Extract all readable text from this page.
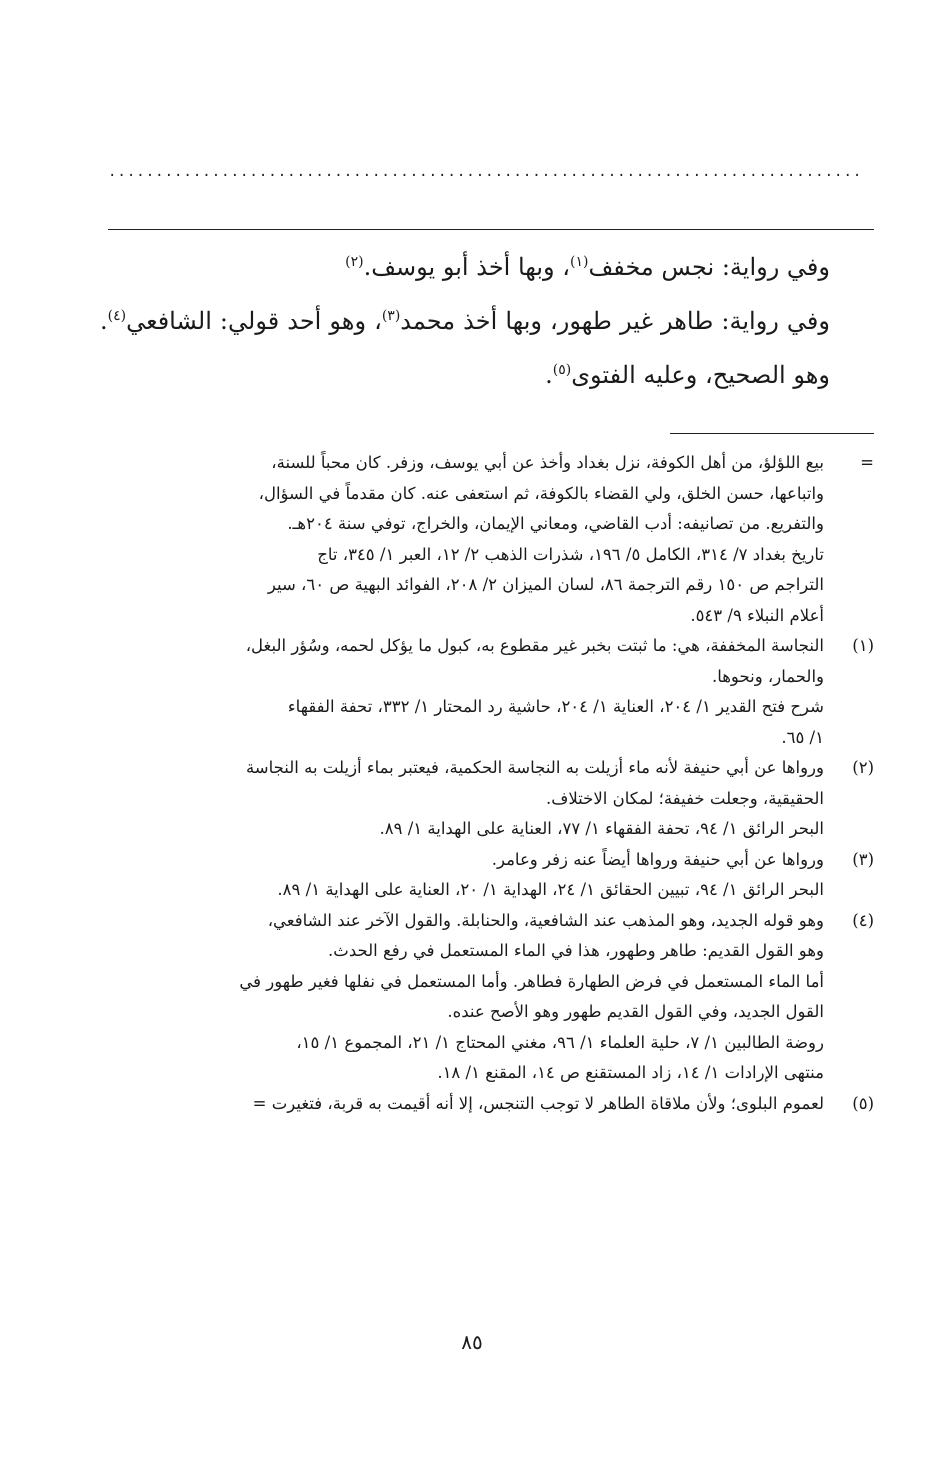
................................................................................

وفي رواية: نجس مخفف$^{(١)}$، وبها أخذ أبو يوسف.$^{(٢)}$

وفي رواية: طاهر غير طهور، وبها أخذ محمد$^{(٣)}$، وهو أحد قولي: الشافعي$^{(٤)}$. وهو الصحيح، وعليه الفتوى$^{(٥)}$.

=

بيع اللؤلؤ، من أهل الكوفة، نزل بغداد وأخذ عن أبي يوسف، وزفر. كان محباً للسنة،

واتباعها، حسن الخلق، ولي القضاء بالكوفة، ثم استعفى عنه. كان مقدماً في السؤال،

والتفريع. من تصانيفه: أدب القاضي، ومعاني الإيمان، والخراج، توفي سنة ٢٠٤هـ.

تاريخ بغداد ٧/ ٣١٤، الكامل ٥/ ١٩٦، شذرات الذهب ٢/ ١٢، العبر ١/ ٣٤٥، تاج

التراجم ص ١٥٠ رقم الترجمة ٨٦، لسان الميزان ٢/ ٢٠٨، الفوائد البهية ص ٦٠، سير

أعلام النبلاء ٩/ ٥٤٣.

(١)

النجاسة المخففة، هي: ما ثبتت بخبر غير مقطوع به، كبول ما يؤكل لحمه، وسُؤر البغل،

والحمار، ونحوها.

شرح فتح القدير ١/ ٢٠٤، العناية ١/ ٢٠٤، حاشية رد المحتار ١/ ٣٣٢، تحفة الفقهاء

١/ ٦٥.

(٢)

ورواها عن أبي حنيفة لأنه ماء أزيلت به النجاسة الحكمية، فيعتبر بماء أزيلت به النجاسة

الحقيقية، وجعلت خفيفة؛ لمكان الاختلاف.

البحر الرائق ١/ ٩٤، تحفة الفقهاء ١/ ٧٧، العناية على الهداية ١/ ٨٩.

(٣)

ورواها عن أبي حنيفة ورواها أيضاً عنه زفر وعامر.

البحر الرائق ١/ ٩٤، تبيين الحقائق ١/ ٢٤، الهداية ١/ ٢٠، العناية على الهداية ١/ ٨٩.

(٤)

وهو قوله الجديد، وهو المذهب عند الشافعية، والحنابلة. والقول الآخر عند الشافعي،

وهو القول القديم: طاهر وطهور، هذا في الماء المستعمل في رفع الحدث.

أما الماء المستعمل في فرض الطهارة فطاهر. وأما المستعمل في نفلها فغير طهور في

القول الجديد، وفي القول القديم طهور وهو الأصح عنده.

روضة الطالبين ١/ ٧، حلية العلماء ١/ ٩٦، مغني المحتاج ١/ ٢١، المجموع ١/ ١٥،

منتهى الإرادات ١/ ١٤، زاد المستقنع ص ١٤، المقنع ١/ ١٨.

(٥)

لعموم البلوى؛ ولأن ملاقاة الطاهر لا توجب التنجس، إلا أنه أقيمت به قربة، فتغيرت =

٨٥
